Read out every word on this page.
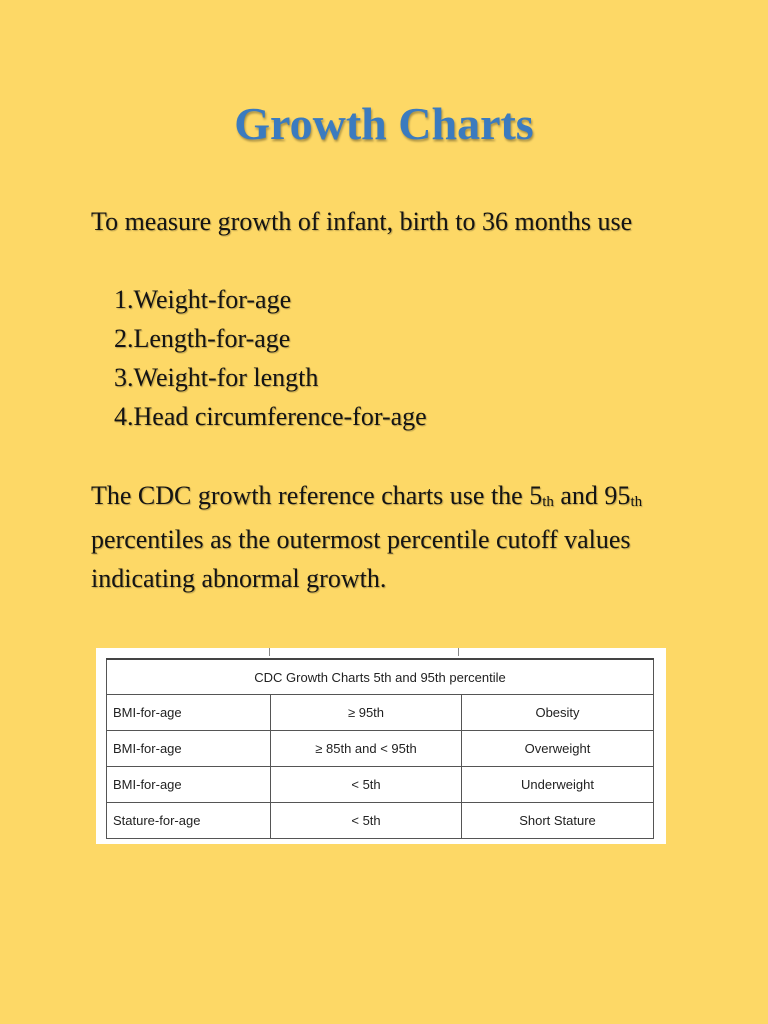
Growth Charts

To measure growth of infant, birth to 36 months use

1.Weight-for-age
2.Length-for-age
3.Weight-for length
4.Head circumference-for-age

The CDC growth reference charts use the $5_{th}$ and $95_{th}$ percentiles as the outermost percentile cutoff values indicating abnormal growth.

CDC Growth Charts 5th and 95th percentile		
BMI-for-age	≥ 95th	Obesity
BMI-for-age	≥ 85th and < 95th	Overweight
BMI-for-age	< 5th	Underweight
Stature-for-age	< 5th	Short Stature
